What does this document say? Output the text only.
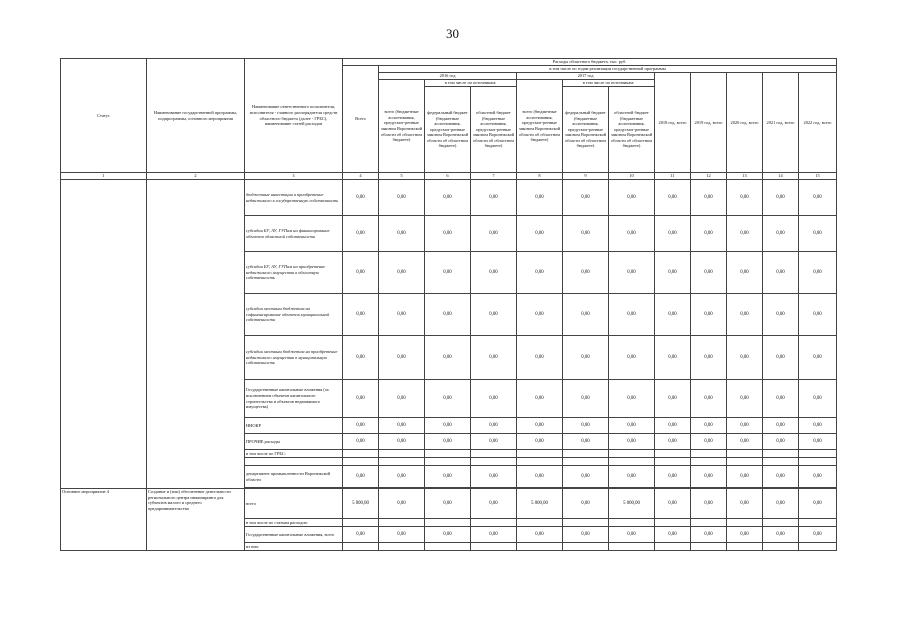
30
Статус	Наименование государственной программы, подпрограммы, основного мероприятия	Наименование ответственного исполнителя, исполнителя - главного распорядителя средств областного бюджета (далее - ГРБС), наименование статей расходов	Расходы областного бюджета, тыс. руб.											
			Всего	в том числе по годам реализации государственной программы										
				2016 год			2017 год			2018 год, всего	2019 год, всего	2020 год, всего	2021 год, всего	2022 год, всего
				всего (бюджетные ассигнования, предусмот-ренные законом Воронежской области об областном бюджете)	в том числе по источникам:		всего (бюджетные ассигнования, предусмот-ренные законом Воронежской области об областном бюджете)	в том числе по источникам:						
					федеральный бюджет (бюджетные ассигнования, предусмот-ренные законом Воронежской области об областном бюджете)	областной бюджет (бюджетные ассигнования, предусмот-ренные законом Воронежской области об областном бюджете)		федеральный бюджет (бюджетные ассигнования, предусмот-ренные законом Воронежской области об областном бюджете)	областной бюджет (бюджетные ассигнования, предусмот-ренные законом Воронежской области об областном бюджете)					
1	2	3	4	5	6	7	8	9	10	11	12	13	14	15
		бюджетные инвестиции в приобретение недвижимого в государственную собственность	0,00	0,00	0,00	0,00	0,00	0,00	0,00	0,00	0,00	0,00	0,00	0,00
		субсидии БУ, АУ, ГУПам на финансирование объектов областной собственности	0,00	0,00	0,00	0,00	0,00	0,00	0,00	0,00	0,00	0,00	0,00	0,00
		субсидии БУ, АУ, ГУПам на приобретение недвижимого имущества в областную собственность	0,00	0,00	0,00	0,00	0,00	0,00	0,00	0,00	0,00	0,00	0,00	0,00
		субсидии местным бюджетам на софинансирование объектов муниципальной собственности	0,00	0,00	0,00	0,00	0,00	0,00	0,00	0,00	0,00	0,00	0,00	0,00
		субсидии местным бюджетам на приобретение недвижимого имущества в муниципальную собственность	0,00	0,00	0,00	0,00	0,00	0,00	0,00	0,00	0,00	0,00	0,00	0,00
		Государственные капитальные вложения (за исключением объектов капитального строительства и объектов недвижимого имущества)	0,00	0,00	0,00	0,00	0,00	0,00	0,00	0,00	0,00	0,00	0,00	0,00
		НИОКР	0,00	0,00	0,00	0,00	0,00	0,00	0,00	0,00	0,00	0,00	0,00	0,00
		ПРОЧИЕ расходы	0,00	0,00	0,00	0,00	0,00	0,00	0,00	0,00	0,00	0,00	0,00	0,00
		в том числе по ГРБС:												

		департамент промышленности Воронежской области	0,00	0,00	0,00	0,00	0,00	0,00	0,00	0,00	0,00	0,00	0,00	0,00

Основное мероприятие 4	Создание и (или) обеспечение деятельности регионального центра инжиниринга для субъектов малого и среднего предпринимательства	всего	5 000,00	0,00	0,00	0,00	5 000,00	0,00	5 000,00	0,00	0,00	0,00	0,00	0,00
		в том числе по статьям расходов:												
		Государственные капитальные вложения, всего	0,00	0,00	0,00	0,00	0,00	0,00	0,00	0,00	0,00	0,00	0,00	0,00
		из них:												
